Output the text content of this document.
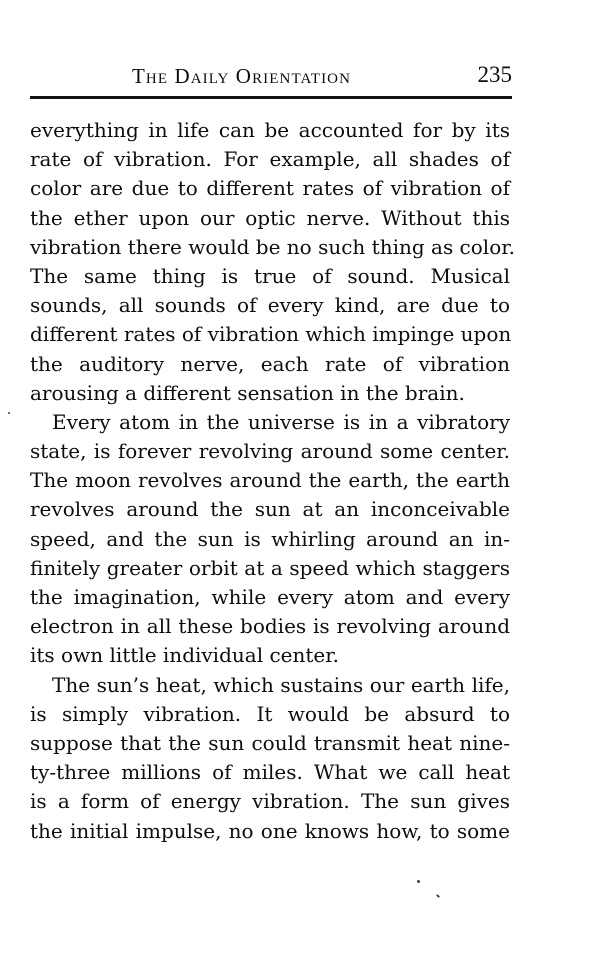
The Daily Orientation	235
everything in life can be accounted for by its
rate of vibration. For example, all shades of
color are due to different rates of vibration of
the ether upon our optic nerve. Without this
vibration there would be no such thing as color.
The same thing is true of sound. Musical
sounds, all sounds of every kind, are due to
different rates of vibration which impinge upon
the auditory nerve, each rate of vibration
arousing a different sensation in the brain.
Every atom in the universe is in a vibratory
state, is forever revolving around some center.
The moon revolves around the earth, the earth
revolves around the sun at an inconceivable
speed, and the sun is whirling around an in-
finitely greater orbit at a speed which staggers
the imagination, while every atom and every
electron in all these bodies is revolving around
its own little individual center.
The sun’s heat, which sustains our earth life,
is simply vibration. It would be absurd to
suppose that the sun could transmit heat nine-
ty-three millions of miles. What we call heat
is a form of energy vibration. The sun gives
the initial impulse, no one knows how, to some
